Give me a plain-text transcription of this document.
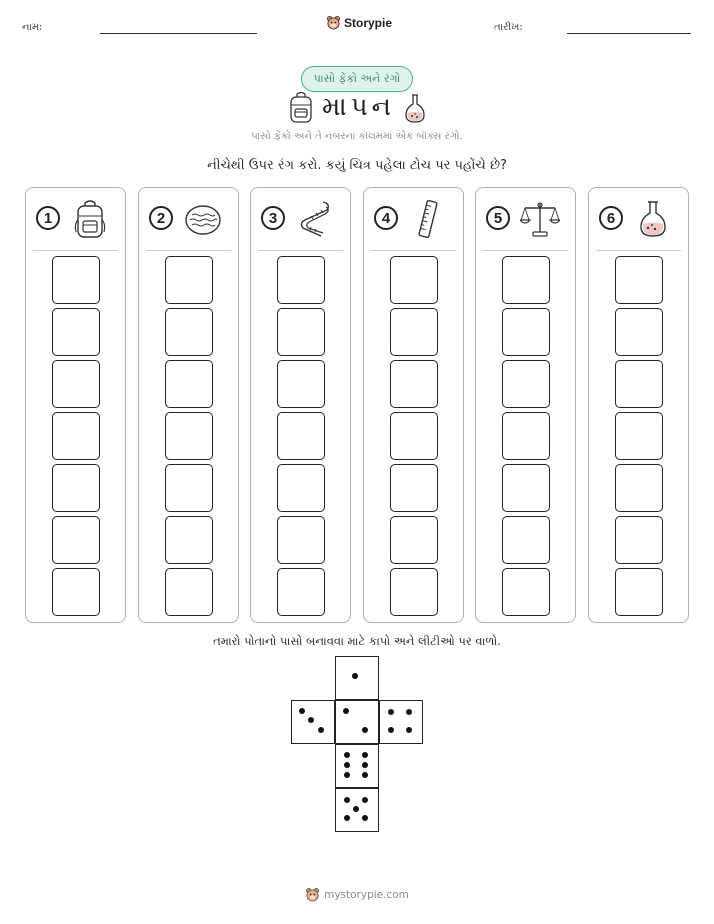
નામ:	Storypie	તારીખ:
પાસો ફેંકો અને રંગો
માપન
પાસો ફેંકો અને તે નંબરના કૉલમમાં એક બૉક્સ રંગો.
નીચેથી ઉપર રંગ કરો. કયું ચિત્ર પહેલા ટોચ પર પહોંચે છે?
1	2	3	4	5	6
તમારો પોતાનો પાસો બનાવવા માટે કાપો અને લીટીઓ પર વાળો.
mystorypie.com
